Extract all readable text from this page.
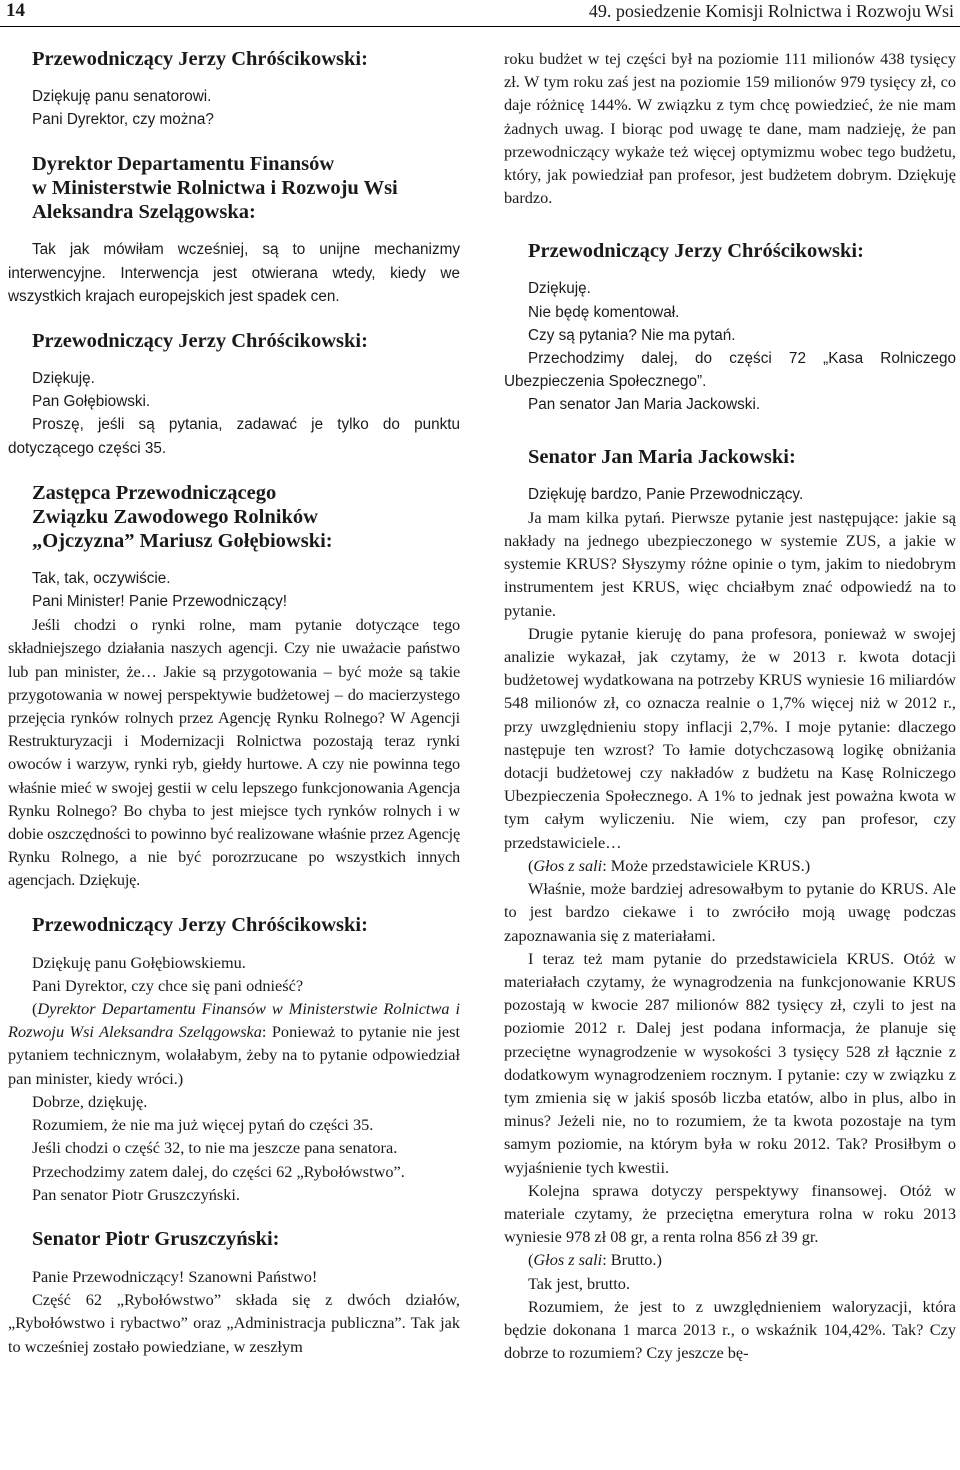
14	49. posiedzenie Komisji Rolnictwa i Rozwoju Wsi
Przewodniczący Jerzy Chróścikowski:

Dziękuję panu senatorowi.

Pani Dyrektor, czy można?

Dyrektor Departamentu Finansów
w Ministerstwie Rolnictwa i Rozwoju Wsi
Aleksandra Szelągowska:

Tak jak mówiłam wcześniej, są to unijne mechanizmy interwencyjne. Interwencja jest otwierana wtedy, kiedy we wszystkich krajach europejskich jest spadek cen.

Przewodniczący Jerzy Chróścikowski:

Dziękuję.

Pan Gołębiowski.

Proszę, jeśli są pytania, zadawać je tylko do punktu dotyczącego części 35.

Zastępca Przewodniczącego
Związku Zawodowego Rolników
„Ojczyzna” Mariusz Gołębiowski:

Tak, tak, oczywiście.

Pani Minister! Panie Przewodniczący!

Jeśli chodzi o rynki rolne, mam pytanie dotyczące tego składniejszego działania naszych agencji. Czy nie uważacie państwo lub pan minister, że… Jakie są przygotowania – być może są takie przygotowania w nowej perspektywie budżetowej – do macierzystego przejęcia rynków rolnych przez Agencję Rynku Rolnego? W Agencji Restrukturyzacji i Modernizacji Rolnictwa pozostają teraz rynki owoców i warzyw, rynki ryb, giełdy hurtowe. A czy nie powinna tego właśnie mieć w swojej gestii w celu lepszego funkcjonowania Agencja Rynku Rolnego? Bo chyba to jest miejsce tych rynków rolnych i w dobie oszczędności to powinno być realizowane właśnie przez Agencję Rynku Rolnego, a nie być porozrzucane po wszystkich innych agencjach. Dziękuję.

Przewodniczący Jerzy Chróścikowski:

Dziękuję panu Gołębiowskiemu.

Pani Dyrektor, czy chce się pani odnieść?

(Dyrektor Departamentu Finansów w Ministerstwie Rolnictwa i Rozwoju Wsi Aleksandra Szelągowska: Ponieważ to pytanie nie jest pytaniem technicznym, wolałabym, żeby na to pytanie odpowiedział pan minister, kiedy wróci.)

Dobrze, dziękuję.

Rozumiem, że nie ma już więcej pytań do części 35.

Jeśli chodzi o część 32, to nie ma jeszcze pana senatora.

Przechodzimy zatem dalej, do części 62 „Rybołówstwo”.

Pan senator Piotr Gruszczyński.

Senator Piotr Gruszczyński:

Panie Przewodniczący! Szanowni Państwo!

Część 62 „Rybołówstwo” składa się z dwóch działów, „Rybołówstwo i rybactwo” oraz „Administracja publiczna”. Tak jak to wcześniej zostało powiedziane, w zeszłym

roku budżet w tej części był na poziomie 111 milionów 438 tysięcy zł. W tym roku zaś jest na poziomie 159 milionów 979 tysięcy zł, co daje różnicę 144%. W związku z tym chcę powiedzieć, że nie mam żadnych uwag. I biorąc pod uwagę te dane, mam nadzieję, że pan przewodniczący wykaże też więcej optymizmu wobec tego budżetu, który, jak powiedział pan profesor, jest budżetem dobrym. Dziękuję bardzo.

Przewodniczący Jerzy Chróścikowski:

Dziękuję.

Nie będę komentował.

Czy są pytania? Nie ma pytań.

Przechodzimy dalej, do części 72 „Kasa Rolniczego Ubezpieczenia Społecznego”.

Pan senator Jan Maria Jackowski.

Senator Jan Maria Jackowski:

Dziękuję bardzo, Panie Przewodniczący.

Ja mam kilka pytań. Pierwsze pytanie jest następujące: jakie są nakłady na jednego ubezpieczonego w systemie ZUS, a jakie w systemie KRUS? Słyszymy różne opinie o tym, jakim to niedobrym instrumentem jest KRUS, więc chciałbym znać odpowiedź na to pytanie.

Drugie pytanie kieruję do pana profesora, ponieważ w swojej analizie wykazał, jak czytamy, że w 2013 r. kwota dotacji budżetowej wydatkowana na potrzeby KRUS wyniesie 16 miliardów 548 milionów zł, co oznacza realnie o 1,7% więcej niż w 2012 r., przy uwzględnieniu stopy inflacji 2,7%. I moje pytanie: dlaczego następuje ten wzrost? To łamie dotychczasową logikę obniżania dotacji budżetowej czy nakładów z budżetu na Kasę Rolniczego Ubezpieczenia Społecznego. A 1% to jednak jest poważna kwota w tym całym wyliczeniu. Nie wiem, czy pan profesor, czy przedstawiciele…

(Głos z sali: Może przedstawiciele KRUS.)

Właśnie, może bardziej adresowałbym to pytanie do KRUS. Ale to jest bardzo ciekawe i to zwróciło moją uwagę podczas zapoznawania się z materiałami.

I teraz też mam pytanie do przedstawiciela KRUS. Otóż w materiałach czytamy, że wynagrodzenia na funkcjonowanie KRUS pozostają w kwocie 287 milionów 882 tysięcy zł, czyli to jest na poziomie 2012 r. Dalej jest podana informacja, że planuje się przeciętne wynagrodzenie w wysokości 3 tysięcy 528 zł łącznie z dodatkowym wynagrodzeniem rocznym. I pytanie: czy w związku z tym zmienia się w jakiś sposób liczba etatów, albo in plus, albo in minus? Jeżeli nie, no to rozumiem, że ta kwota pozostaje na tym samym poziomie, na którym była w roku 2012. Tak? Prosiłbym o wyjaśnienie tych kwestii.

Kolejna sprawa dotyczy perspektywy finansowej. Otóż w materiale czytamy, że przeciętna emerytura rolna w roku 2013 wyniesie 978 zł 08 gr, a renta rolna 856 zł 39 gr.

(Głos z sali: Brutto.)

Tak jest, brutto.

Rozumiem, że jest to z uwzględnieniem waloryzacji, która będzie dokonana 1 marca 2013 r., o wskaźnik 104,42%. Tak? Czy dobrze to rozumiem? Czy jeszcze bę-
